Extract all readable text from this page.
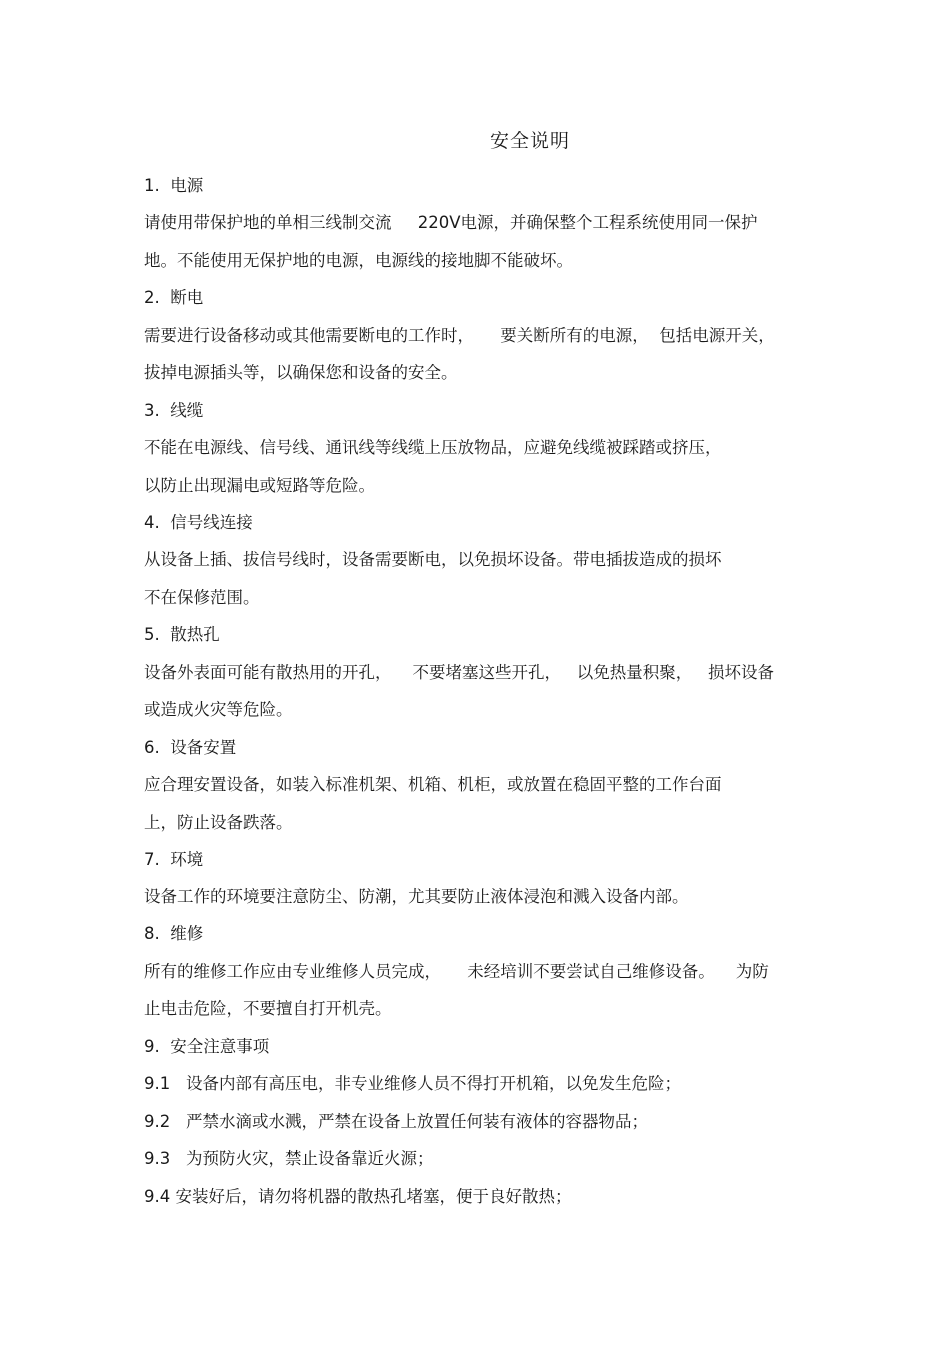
安全说明
1.  电源
请使用带保护地的单相三线制交流     220V电源，并确保整个工程系统使用同一保护
地。不能使用无保护地的电源，电源线的接地脚不能破坏。
2.  断电
需要进行设备移动或其他需要断电的工作时，     要关断所有的电源，  包括电源开关，
拔掉电源插头等，以确保您和设备的安全。
3.  线缆
不能在电源线、信号线、通讯线等线缆上压放物品，应避免线缆被踩踏或挤压，
以防止出现漏电或短路等危险。
4.  信号线连接
从设备上插、拔信号线时，设备需要断电，以免损坏设备。带电插拔造成的损坏
不在保修范围。
5.  散热孔
设备外表面可能有散热用的开孔，    不要堵塞这些开孔，   以免热量积聚，   损坏设备
或造成火灾等危险。
6.  设备安置
应合理安置设备，如装入标准机架、机箱、机柜，或放置在稳固平整的工作台面
上，防止设备跌落。
7.  环境
设备工作的环境要注意防尘、防潮，尤其要防止液体浸泡和溅入设备内部。
8.  维修
所有的维修工作应由专业维修人员完成，     未经培训不要尝试自己维修设备。    为防
止电击危险，不要擅自打开机壳。
9.  安全注意事项
9.1   设备内部有高压电，非专业维修人员不得打开机箱，以免发生危险；
9.2   严禁水滴或水溅，严禁在设备上放置任何装有液体的容器物品；
9.3   为预防火灾，禁止设备靠近火源；
9.4 安装好后，请勿将机器的散热孔堵塞，便于良好散热；
